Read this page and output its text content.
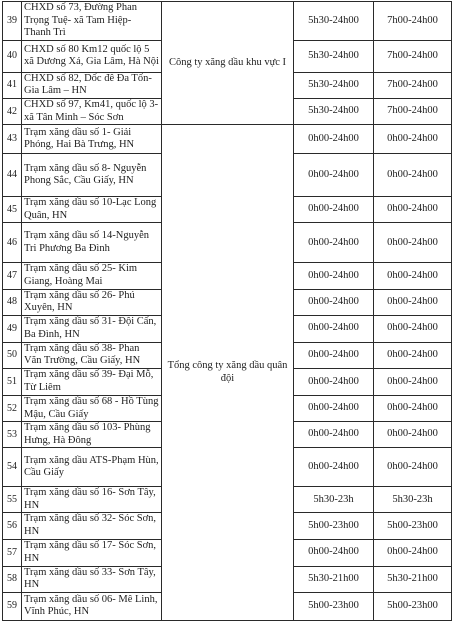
39	CHXD số 73, Đường Phan Trọng Tuệ- xã Tam Hiệp- Thanh Trì	Công ty xăng dầu khu vực I	5h30-24h00	7h00-24h00
40	CHXD số 80 Km12 quốc lộ 5 xã Dương Xá, Gia Lâm, Hà Nội		5h30-24h00	7h00-24h00
41	CHXD số 82, Dốc đê Đa Tốn- Gia Lâm – HN		5h30-24h00	7h00-24h00
42	CHXD số 97, Km41, quốc lộ 3- xã Tân Minh – Sóc Sơn		5h30-24h00	7h00-24h00
43	Trạm xăng dầu số 1- Giải Phóng, Hai Bà Trưng, HN	Tổng công ty xăng dầu quân đội	0h00-24h00	0h00-24h00
44	Trạm xăng dầu số 8- Nguyễn Phong Sắc, Cầu Giấy, HN		0h00-24h00	0h00-24h00
45	Trạm xăng dầu số 10-Lạc Long Quân, HN		0h00-24h00	0h00-24h00
46	Trạm xăng dầu số 14-Nguyễn Tri Phương Ba Đình		0h00-24h00	0h00-24h00
47	Trạm xăng dầu số 25- Kim Giang, Hoàng Mai		0h00-24h00	0h00-24h00
48	Trạm xăng dầu số 26- Phú Xuyên, HN		0h00-24h00	0h00-24h00
49	Trạm xăng dầu số 31- Đội Cấn, Ba Đình, HN		0h00-24h00	0h00-24h00
50	Trạm xăng dầu số 38- Phan Văn Trường, Cầu Giấy, HN		0h00-24h00	0h00-24h00
51	Trạm xăng dầu số 39- Đại Mỗ, Từ Liêm		0h00-24h00	0h00-24h00
52	Trạm xăng dầu số 68 - Hồ Tùng Mậu, Cầu Giấy		0h00-24h00	0h00-24h00
53	Trạm xăng dầu số 103- Phùng Hưng, Hà Đông		0h00-24h00	0h00-24h00
54	Trạm xăng dầu ATS-Phạm Hùn, Cầu Giấy		0h00-24h00	0h00-24h00
55	Trạm xăng dầu số 16- Sơn Tây, HN		5h30-23h	5h30-23h
56	Trạm xăng dầu số 32- Sóc Sơn, HN		5h00-23h00	5h00-23h00
57	Trạm xăng dầu số 17- Sóc Sơn, HN		0h00-24h00	0h00-24h00
58	Trạm xăng dầu số 33- Sơn Tây, HN		5h30-21h00	5h30-21h00
59	Trạm xăng dầu số 06- Mê Linh, Vĩnh Phúc, HN		5h00-23h00	5h00-23h00
